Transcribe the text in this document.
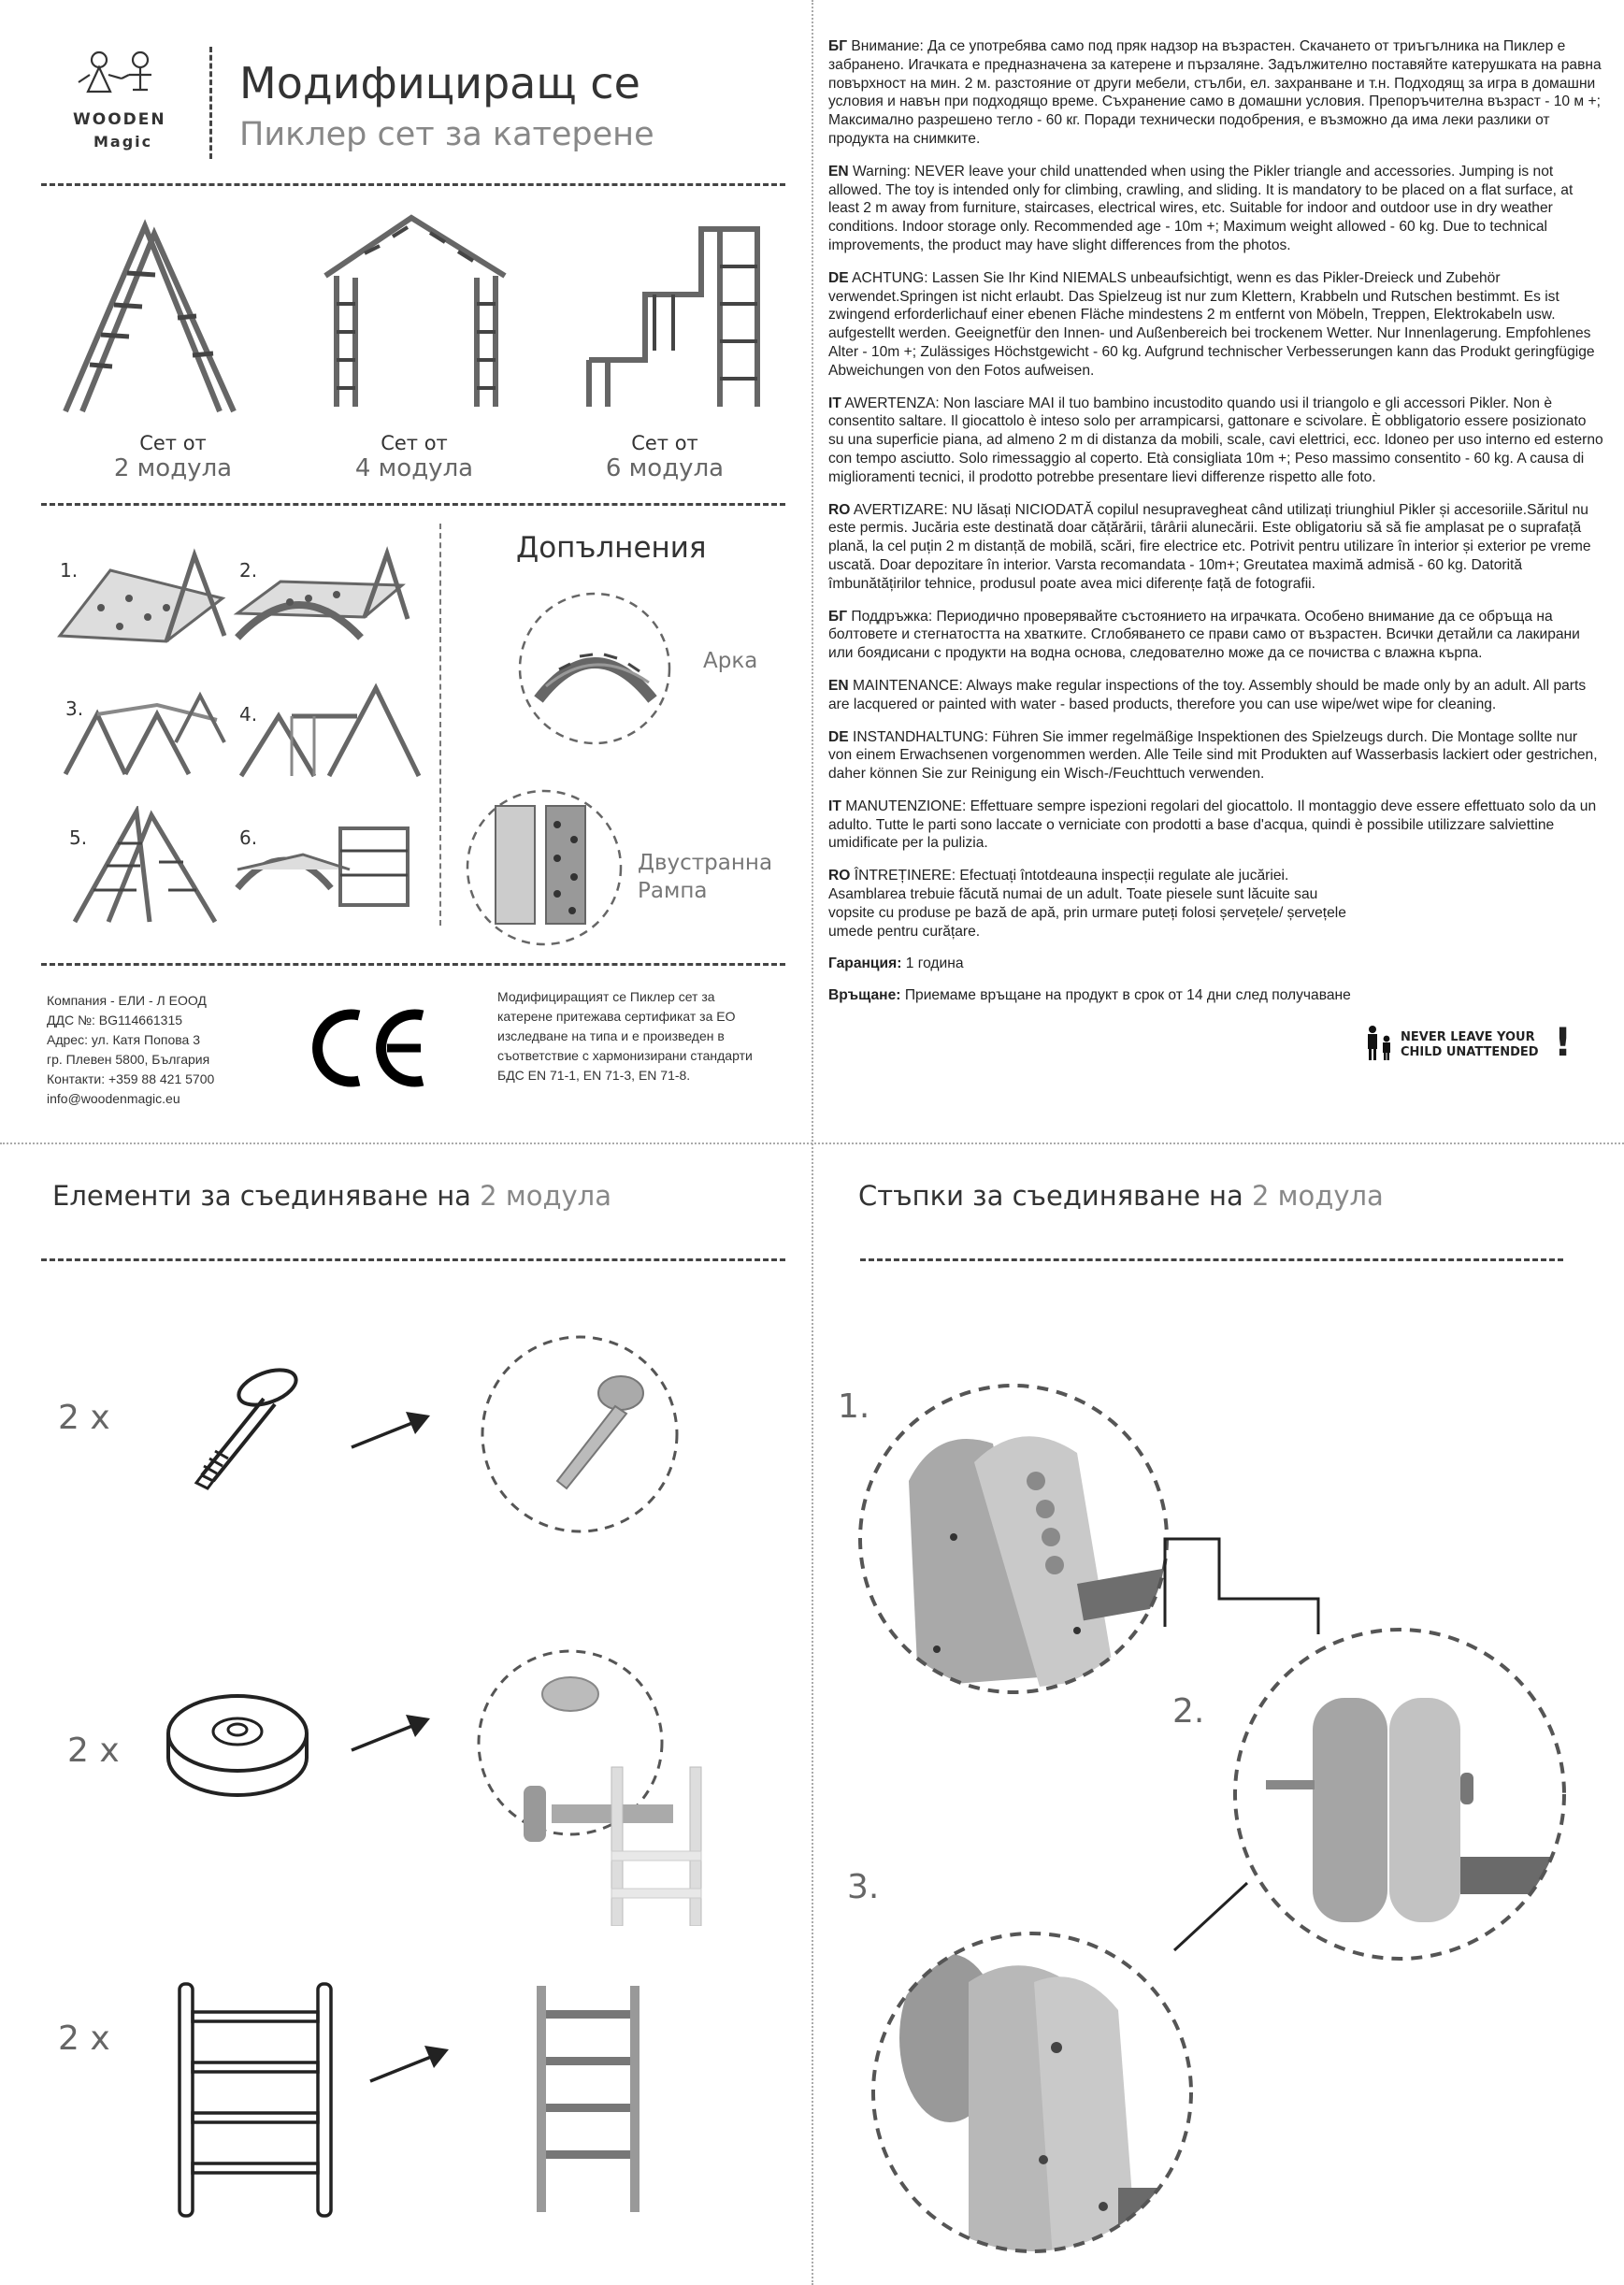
WOODEN
Magic
Модифициращ се
Пиклер сет за катерене
Сет от
2 модула
Сет от
4 модула
Сет от
6 модула
1.	2.
3.	4.
5.	6.
Допълнения
Арка
Двустранна
Рампа
Компания - ЕЛИ - Л ЕООД
ДДС №: BG114661315
Адрес: ул. Катя Попова 3
гр. Плевен 5800, България
Контакти: +359 88 421 5700
info@woodenmagic.eu
CE
Модифициращият се Пиклер сет за
катерене притежава сертификат за ЕО
изследване на типа и е произведен в
съответствие с хармонизирани стандарти
БДС EN 71-1, EN 71-3, EN 71-8.
БГ Внимание: Да се употребява само под пряк надзор на възрастен. Скачането от триъгълника на Пиклер е забранено. Игачката е предназначена за катерене и пързаляне. Задължително поставяйте катерушката на равна повърхност на мин. 2 м. разстояние от други мебели, стълби, ел. захранване и т.н. Подходящ за игра в домашни условия и навън при подходящо време. Съхранение само в домашни условия. Препоръчителна възраст - 10 м +; Максимално разрешено тегло - 60 кг. Поради технически подобрения, е възможно да има леки разлики от продукта на снимките.
EN Warning: NEVER leave your child unattended when using the Pikler triangle and accessories. Jumping is not allowed. The toy is intended only for climbing, crawling, and sliding. It is mandatory to be placed on a flat surface, at least 2 m away from furniture, staircases, electrical wires, etc. Suitable for indoor and outdoor use in dry weather conditions. Indoor storage only. Recommended age - 10m +; Maximum weight allowed - 60 kg. Due to technical improvements, the product may have slight differences from the photos.
DE ACHTUNG: Lassen Sie Ihr Kind NIEMALS unbeaufsichtigt, wenn es das Pikler-Dreieck und Zubehör verwendet.Springen ist nicht erlaubt. Das Spielzeug ist nur zum Klettern, Krabbeln und Rutschen bestimmt. Es ist zwingend erforderlichauf einer ebenen Fläche mindestens 2 m entfernt von Möbeln, Treppen, Elektrokabeln usw. aufgestellt werden. Geeignetfür den Innen- und Außenbereich bei trockenem Wetter. Nur Innenlagerung. Empfohlenes Alter - 10m +; Zulässiges Höchstgewicht - 60 kg. Aufgrund technischer Verbesserungen kann das Produkt geringfügige Abweichungen von den Fotos aufweisen.
IT AWERTENZA: Non lasciare MAI il tuo bambino incustodito quando usi il triangolo e gli accessori Pikler. Non è consentito saltare. Il giocattolo è inteso solo per arrampicarsi, gattonare e scivolare. È obbligatorio essere posizionato su una superficie piana, ad almeno 2 m di distanza da mobili, scale, cavi elettrici, ecc. Idoneo per uso interno ed esterno con tempo asciutto. Solo rimessaggio al coperto. Età consigliata 10m +; Peso massimo consentito - 60 kg. A causa di miglioramenti tecnici, il prodotto potrebbe presentare lievi differenze rispetto alle foto.
RO AVERTIZARE: NU lăsați NICIODATĂ copilul nesupravegheat când utilizați triunghiul Pikler și accesoriile.Săritul nu este permis. Jucăria este destinată doar cățărării, târârii alunecării. Este obligatoriu să să fie amplasat pe o suprafață plană, la cel puțin 2 m distanță de mobilă, scări, fire electrice etc. Potrivit pentru utilizare în interior și exterior pe vreme uscată. Doar depozitare în interior. Varsta recomandata - 10m+; Greutatea maximă admisă - 60 kg. Datorită îmbunătățirilor tehnice, produsul poate avea mici diferențe față de fotografii.
БГ Поддръжка: Периодично проверявайте състоянието на играчката. Особено внимание да се обръща на болтовете и стегнатостта на хватките. Сглобяването се прави само от възрастен. Всички детайли са лакирани или боядисани с продукти на водна основа, следователно може да се почиства с влажна кърпа.
EN MAINTENANCE: Always make regular inspections of the toy. Assembly should be made only by an adult. All parts are lacquered or painted with water - based products, therefore you can use wipe/wet wipe for cleaning.
DE INSTANDHALTUNG: Führen Sie immer regelmäßige Inspektionen des Spielzeugs durch. Die Montage sollte nur von einem Erwachsenen vorgenommen werden. Alle Teile sind mit Produkten auf Wasserbasis lackiert oder gestrichen, daher können Sie zur Reinigung ein Wisch-/Feuchttuch verwenden.
IT MANUTENZIONE: Effettuare sempre ispezioni regolari del giocattolo. Il montaggio deve essere effettuato solo da un adulto. Tutte le parti sono laccate o verniciate con prodotti a base d'acqua, quindi è possibile utilizzare salviettine umidificate per la pulizia.
RO ÎNTREȚINERE: Efectuați întotdeauna inspecții regulate ale jucăriei. Asamblarea trebuie făcută numai de un adult. Toate piesele sunt lăcuite sau vopsite cu produse pe bază de apă, prin urmare puteți folosi șervețele/ șervețele umede pentru curățare.
Гаранция: 1 година
Връщане: Приемаме връщане на продукт в срок от 14 дни след получаване
NEVER LEAVE YOUR
CHILD UNATTENDED !
Елементи за съединяване на 2 модула
2 x
2 x
2 x
Стъпки за съединяване на 2 модула
1.
2.
3.
